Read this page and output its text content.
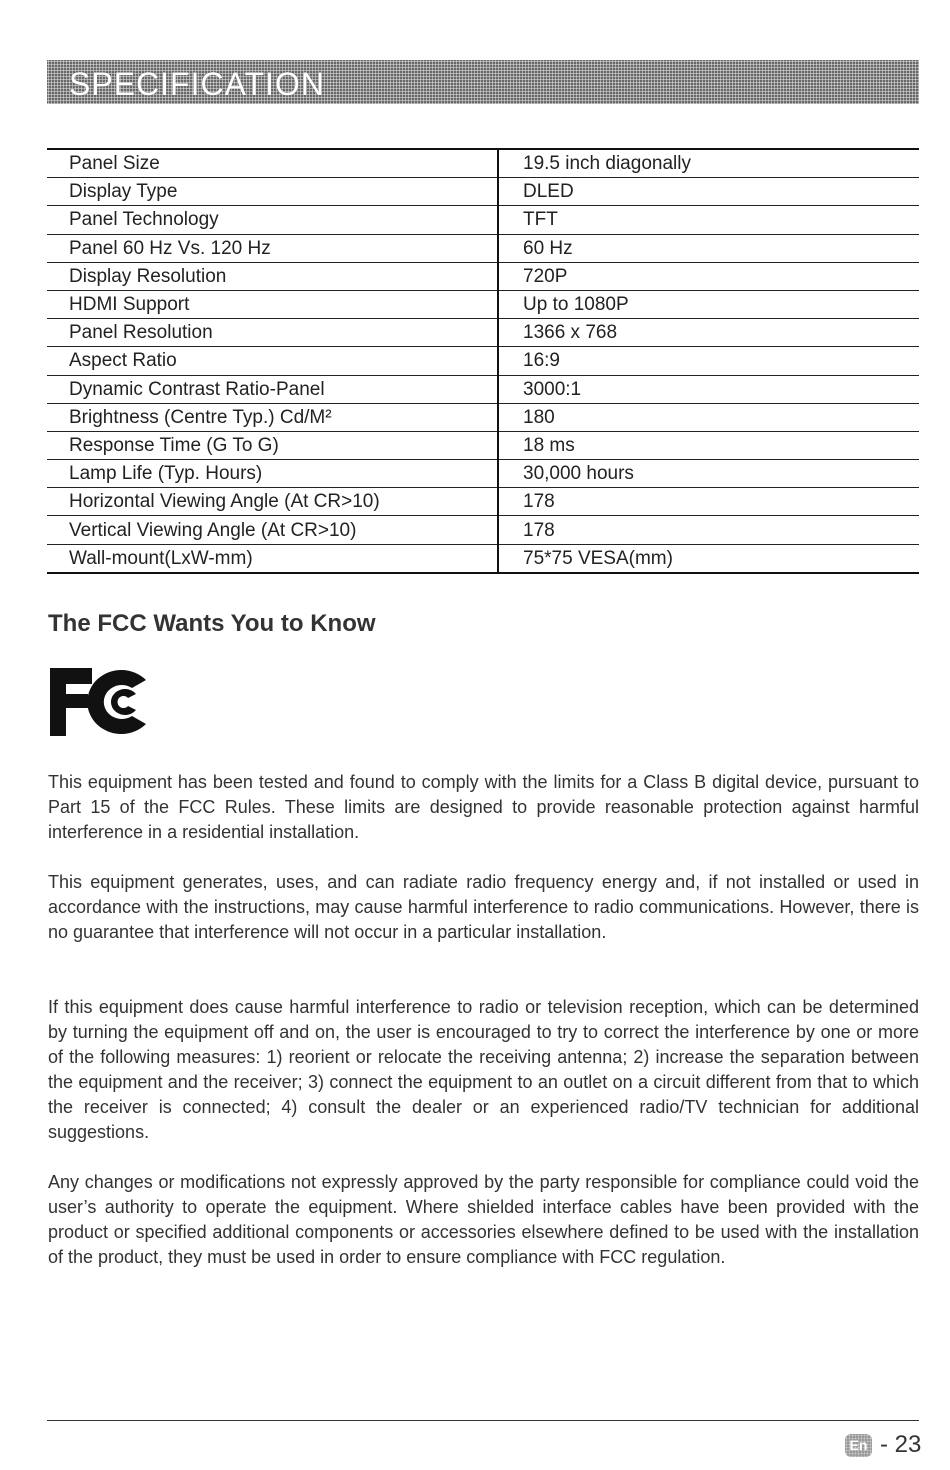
SPECIFICATION
Panel Size	19.5 inch diagonally
Display Type	DLED
Panel Technology	TFT
Panel 60 Hz Vs. 120 Hz	60 Hz
Display Resolution	720P
HDMI Support	Up to 1080P
Panel Resolution	1366 x 768
Aspect Ratio	16:9
Dynamic Contrast Ratio-Panel	3000:1
Brightness (Centre Typ.) Cd/M²	180
Response Time (G To G)	18 ms
Lamp Life (Typ. Hours)	30,000 hours
Horizontal Viewing Angle (At CR>10)	178
Vertical Viewing Angle (At CR>10)	178
Wall-mount(LxW-mm)	75*75 VESA(mm)
The FCC Wants You to Know

This equipment has been tested and found to comply with the limits for a Class B digital device, pursuant to Part 15 of the FCC Rules. These limits are designed to provide reasonable protection against harmful interference in a residential installation.

This equipment generates, uses, and can radiate radio frequency energy and, if not installed or used in accordance with the instructions, may cause harmful interference to radio communications. However, there is no guarantee that interference will not occur in a particular installation.

If this equipment does cause harmful interference to radio or television reception, which can be determined by turning the equipment off and on, the user is encouraged to try to correct the interference by one or more of the following measures: 1) reorient or relocate the receiving antenna; 2) increase the separation between the equipment and the receiver; 3) connect the equipment to an outlet on a circuit different from that to which the receiver is connected; 4) consult the dealer or an experienced radio/TV technician for additional suggestions.

Any changes or modifications not expressly approved by the party responsible for compliance could void the user’s authority to operate the equipment. Where shielded interface cables have been provided with the product or specified additional components or accessories elsewhere defined to be used with the installation of the product, they must be used in order to ensure compliance with FCC regulation.

En - 23
